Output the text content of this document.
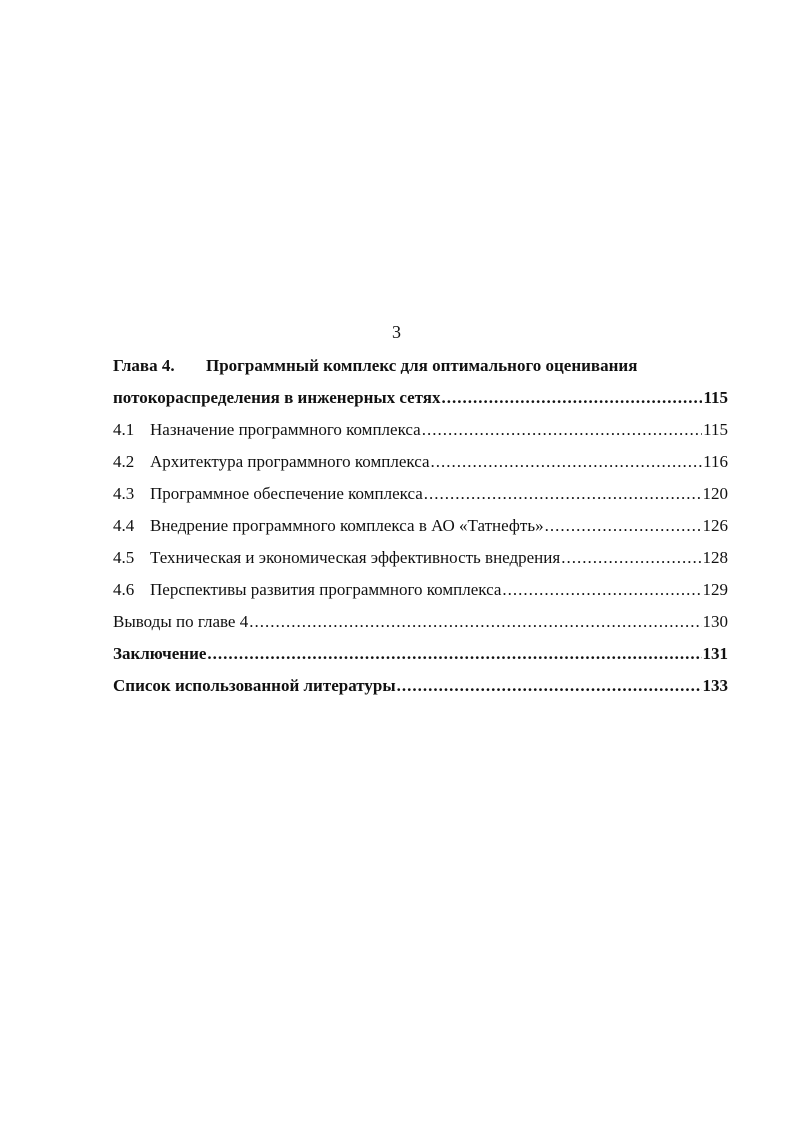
3
Глава 4. Программный комплекс для оптимального оценивания
потокораспределения в инженерных сетях .....	115
4.1 Назначение программного комплекса .....	115
4.2 Архитектура программного комплекса .....	116
4.3 Программное обеспечение комплекса .....	120
4.4 Внедрение программного комплекса в АО «Татнефть» .....	126
4.5 Техническая и экономическая эффективность внедрения .....	128
4.6 Перспективы развития программного комплекса .....	129
Выводы по главе 4 .....	130
Заключение .....	131
Список использованной литературы .....	133
